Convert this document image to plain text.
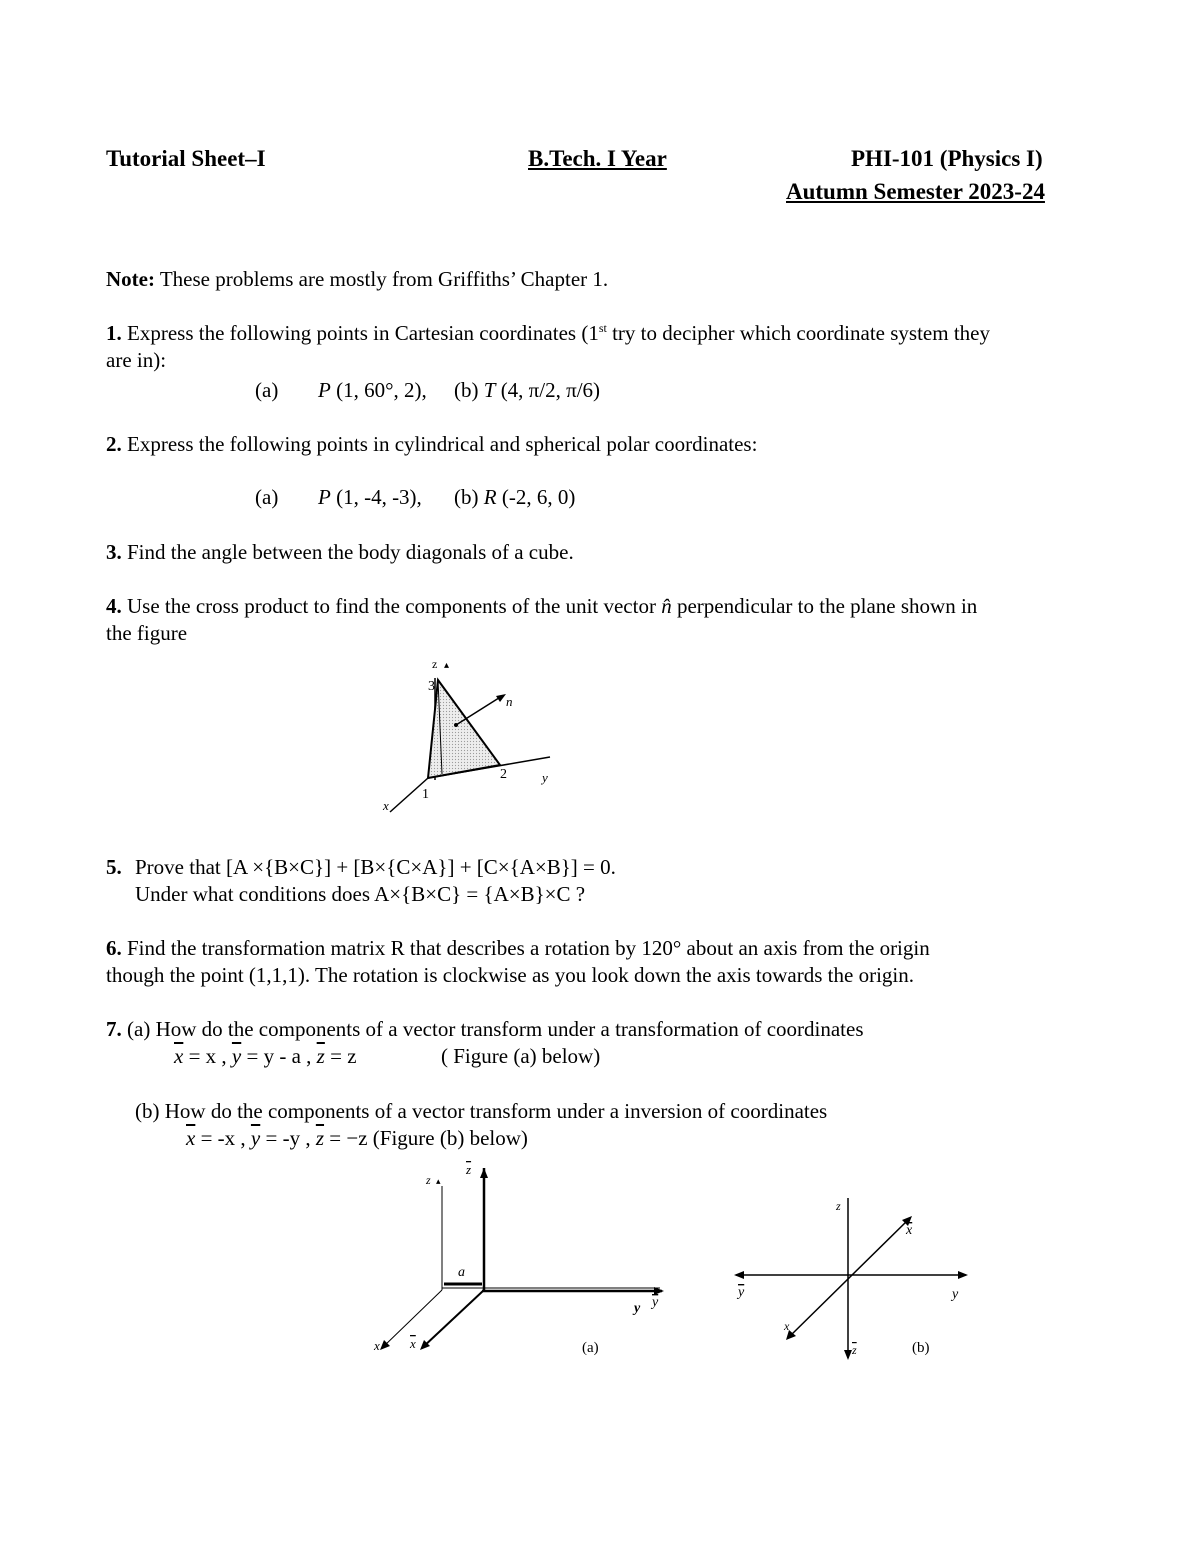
Tutorial Sheet–I	B.Tech. I Year	PHI-101 (Physics I)
Autumn Semester 2023-24
Note: These problems are mostly from Griffiths’ Chapter 1.
1. Express the following points in Cartesian coordinates (1st try to decipher which coordinate system they
are in):
(a) P (1, 60°, 2), (b) T (4, π/2, π/6)
2. Express the following points in cylindrical and spherical polar coordinates:
(a) P (1, -4, -3), (b) R (-2, 6, 0)
3. Find the angle between the body diagonals of a cube.
4. Use the cross product to find the components of the unit vector n̂ perpendicular to the plane shown in
the figure
z ▴
3
n
2	y
1
x
5. Prove that [A ×{B×C}] + [B×{C×A}] + [C×{A×B}] = 0.
Under what conditions does A×{B×C} = {A×B}×C ?
6. Find the transformation matrix R that describes a rotation by 120° about an axis from the origin
though the point (1,1,1). The rotation is clockwise as you look down the axis towards the origin.
7. (a) How do the components of a vector transform under a transformation of coordinates
$\overline{x} = x$ , $\overline{y} = y - a$ , $\overline{z} = z$	( Figure (a) below)
(b) How do the components of a vector transform under a inversion of coordinates
$\overline{x} = -x$ , $\overline{y} = -y$ , $\overline{z} = -z$ (Figure (b) below)
z ▴
z
a
y y
x x	(a)
z
x
y	y
x
z	(b)
